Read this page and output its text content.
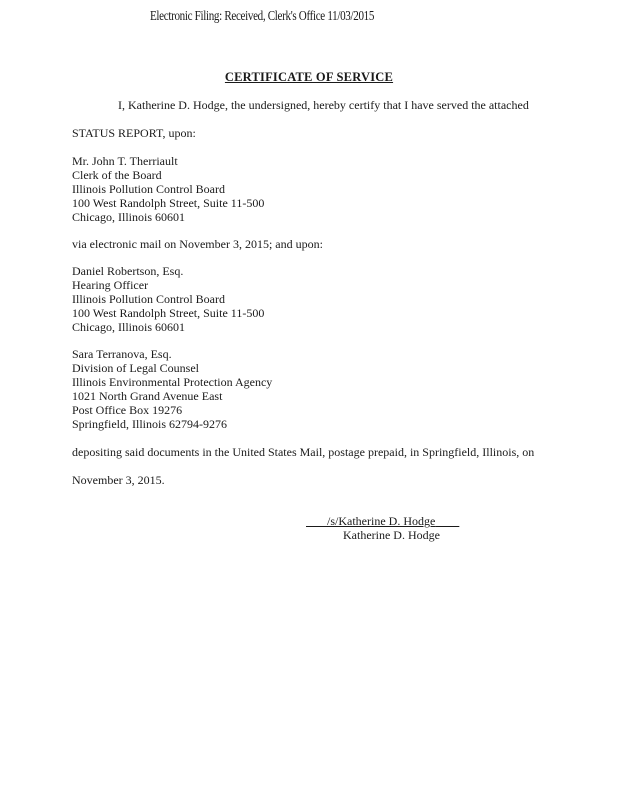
Electronic Filing: Received, Clerk's Office 11/03/2015
CERTIFICATE OF SERVICE
I, Katherine D. Hodge, the undersigned, hereby certify that I have served the attached
STATUS REPORT, upon:
Mr. John T. Therriault
Clerk of the Board
Illinois Pollution Control Board
100 West Randolph Street, Suite 11-500
Chicago, Illinois 60601
via electronic mail on November 3, 2015; and upon:
Daniel Robertson, Esq.
Hearing Officer
Illinois Pollution Control Board
100 West Randolph Street, Suite 11-500
Chicago, Illinois 60601
Sara Terranova, Esq.
Division of Legal Counsel
Illinois Environmental Protection Agency
1021 North Grand Avenue East
Post Office Box 19276
Springfield, Illinois 62794-9276
depositing said documents in the United States Mail, postage prepaid, in Springfield, Illinois, on
November 3, 2015.
/s/Katherine D. Hodge
Katherine D. Hodge
